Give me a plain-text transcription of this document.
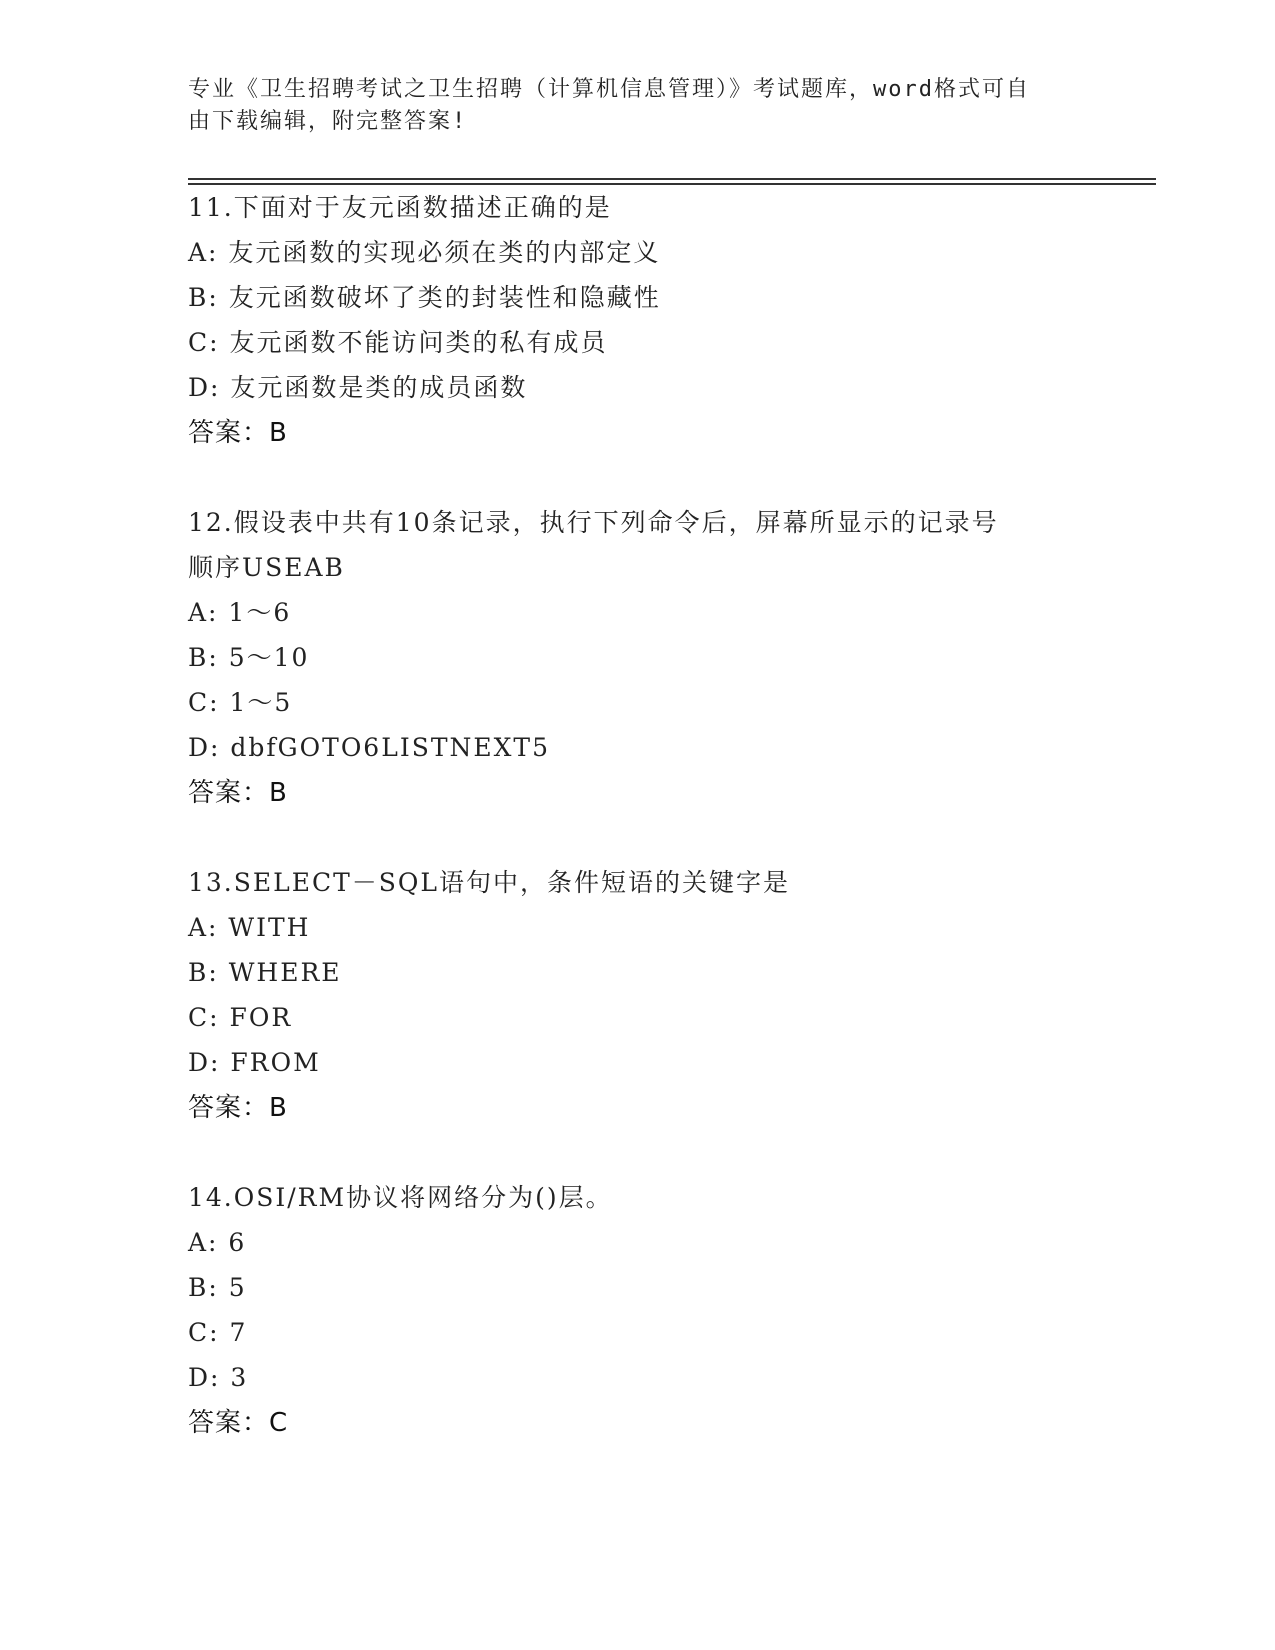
专业《卫生招聘考试之卫生招聘（计算机信息管理）》考试题库，word格式可自
由下载编辑，附完整答案!
11.下面对于友元函数描述正确的是
A: 友元函数的实现必须在类的内部定义
B: 友元函数破坏了类的封装性和隐藏性
C: 友元函数不能访问类的私有成员
D: 友元函数是类的成员函数
答案：B
12.假设表中共有10条记录，执行下列命令后，屏幕所显示的记录号
顺序USEAB
A: 1～6
B: 5～10
C: 1～5
D: dbfGOTO6LISTNEXT5
答案：B
13.SELECT－SQL语句中，条件短语的关键字是
A: WITH
B: WHERE
C: FOR
D: FROM
答案：B
14.OSI/RM协议将网络分为()层。
A: 6
B: 5
C: 7
D: 3
答案：C
